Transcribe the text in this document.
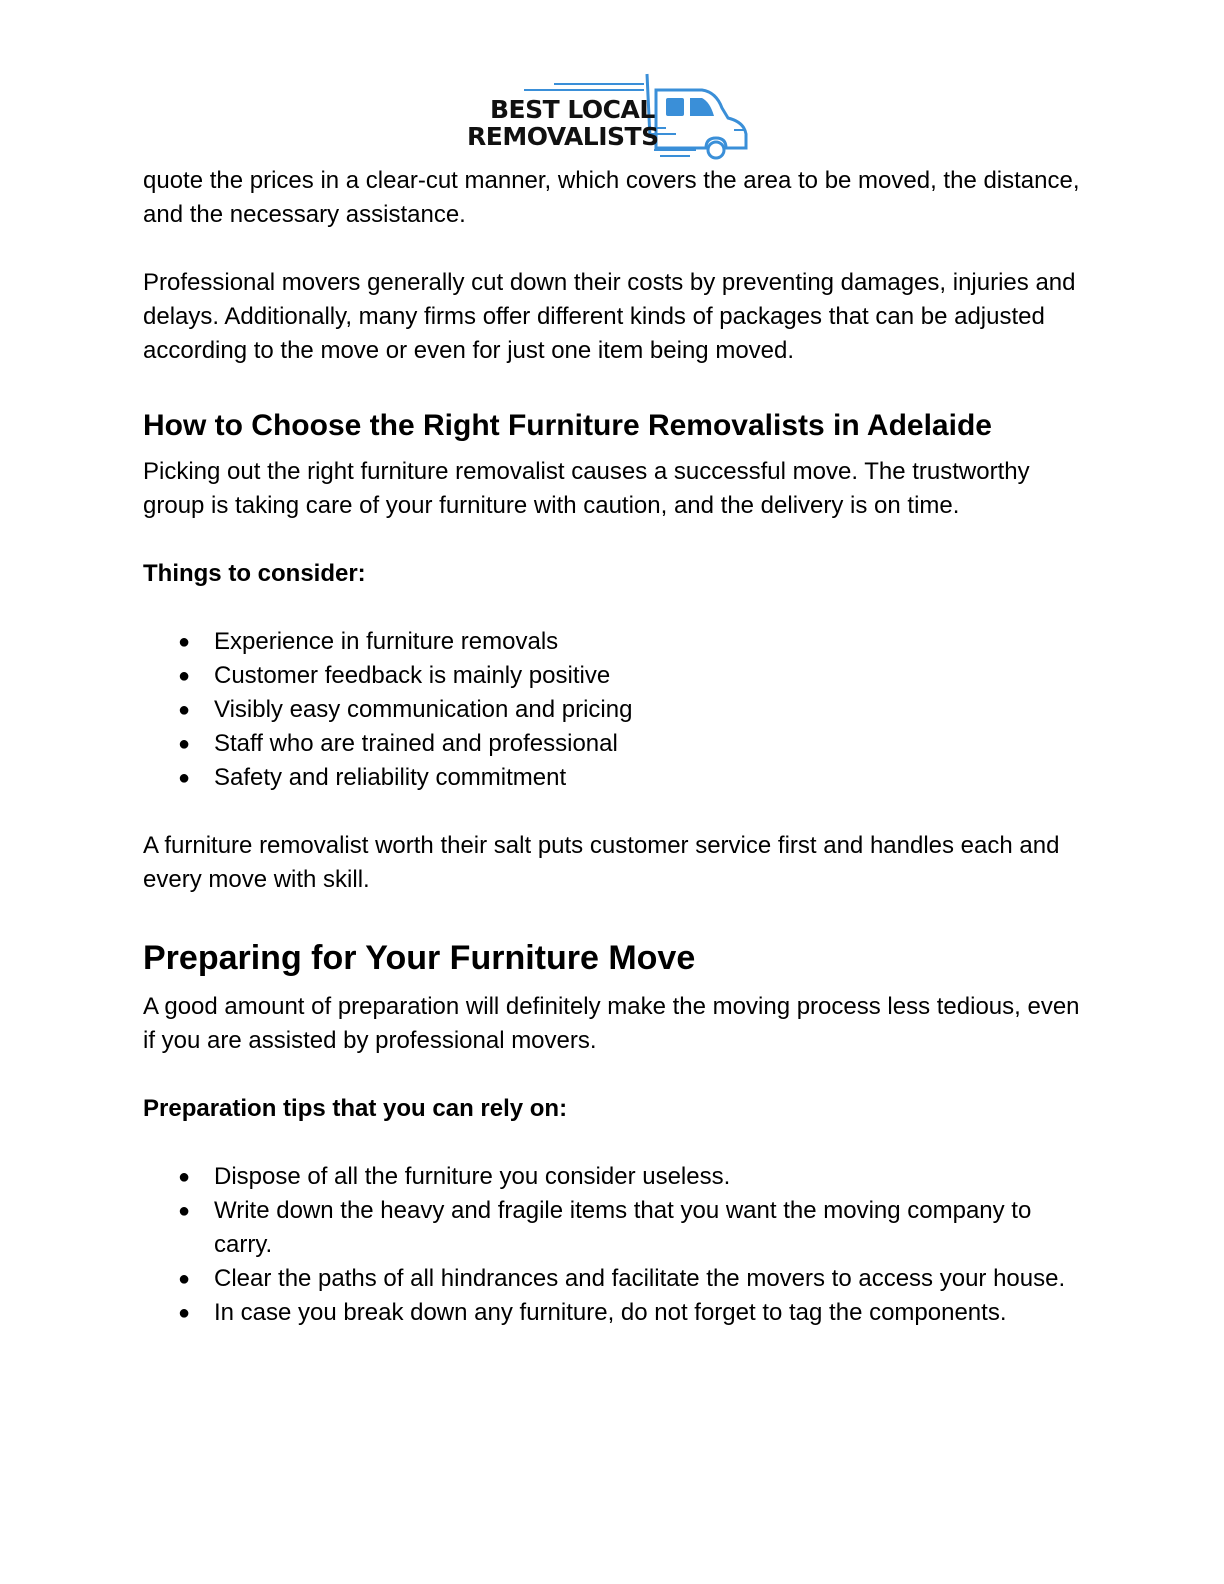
BEST LOCAL
REMOVALISTS

quote the prices in a clear-cut manner, which covers the area to be moved, the distance, and the necessary assistance.

Professional movers generally cut down their costs by preventing damages, injuries and delays. Additionally, many firms offer different kinds of packages that can be adjusted according to the move or even for just one item being moved.

How to Choose the Right Furniture Removalists in Adelaide

Picking out the right furniture removalist causes a successful move. The trustworthy group is taking care of your furniture with caution, and the delivery is on time.

Things to consider:

● Experience in furniture removals
● Customer feedback is mainly positive
● Visibly easy communication and pricing
● Staff who are trained and professional
● Safety and reliability commitment

A furniture removalist worth their salt puts customer service first and handles each and every move with skill.

Preparing for Your Furniture Move

A good amount of preparation will definitely make the moving process less tedious, even if you are assisted by professional movers.

Preparation tips that you can rely on:

● Dispose of all the furniture you consider useless.
● Write down the heavy and fragile items that you want the moving company to carry.
● Clear the paths of all hindrances and facilitate the movers to access your house.
● In case you break down any furniture, do not forget to tag the components.
